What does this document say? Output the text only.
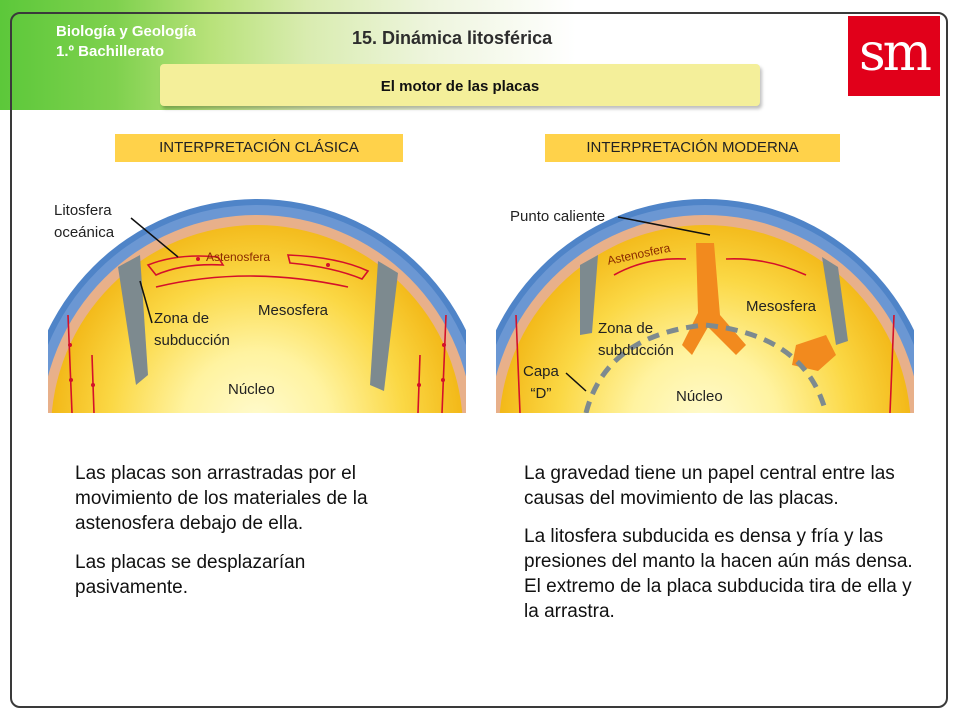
Biología y Geología
1.º Bachillerato
15. Dinámica litosférica	sm
El motor de las placas
INTERPRETACIÓN CLÁSICA	INTERPRETACIÓN MODERNA
Litosfera
oceánica
Astenosfera
Mesosfera
Zona de
subducción
Núcleo
Punto caliente
Astenosfera
Mesosfera
Zona de
subducción
Capa
“D”	Núcleo

Las placas son arrastradas por el movimiento de los materiales de la astenosfera debajo de ella.

Las placas se desplazarían pasivamente.

La gravedad tiene un papel central entre las causas del movimiento de las placas.

La litosfera subducida es densa y fría y las presiones del manto la hacen aún más densa. El extremo de la placa subducida tira de ella y la arrastra.
